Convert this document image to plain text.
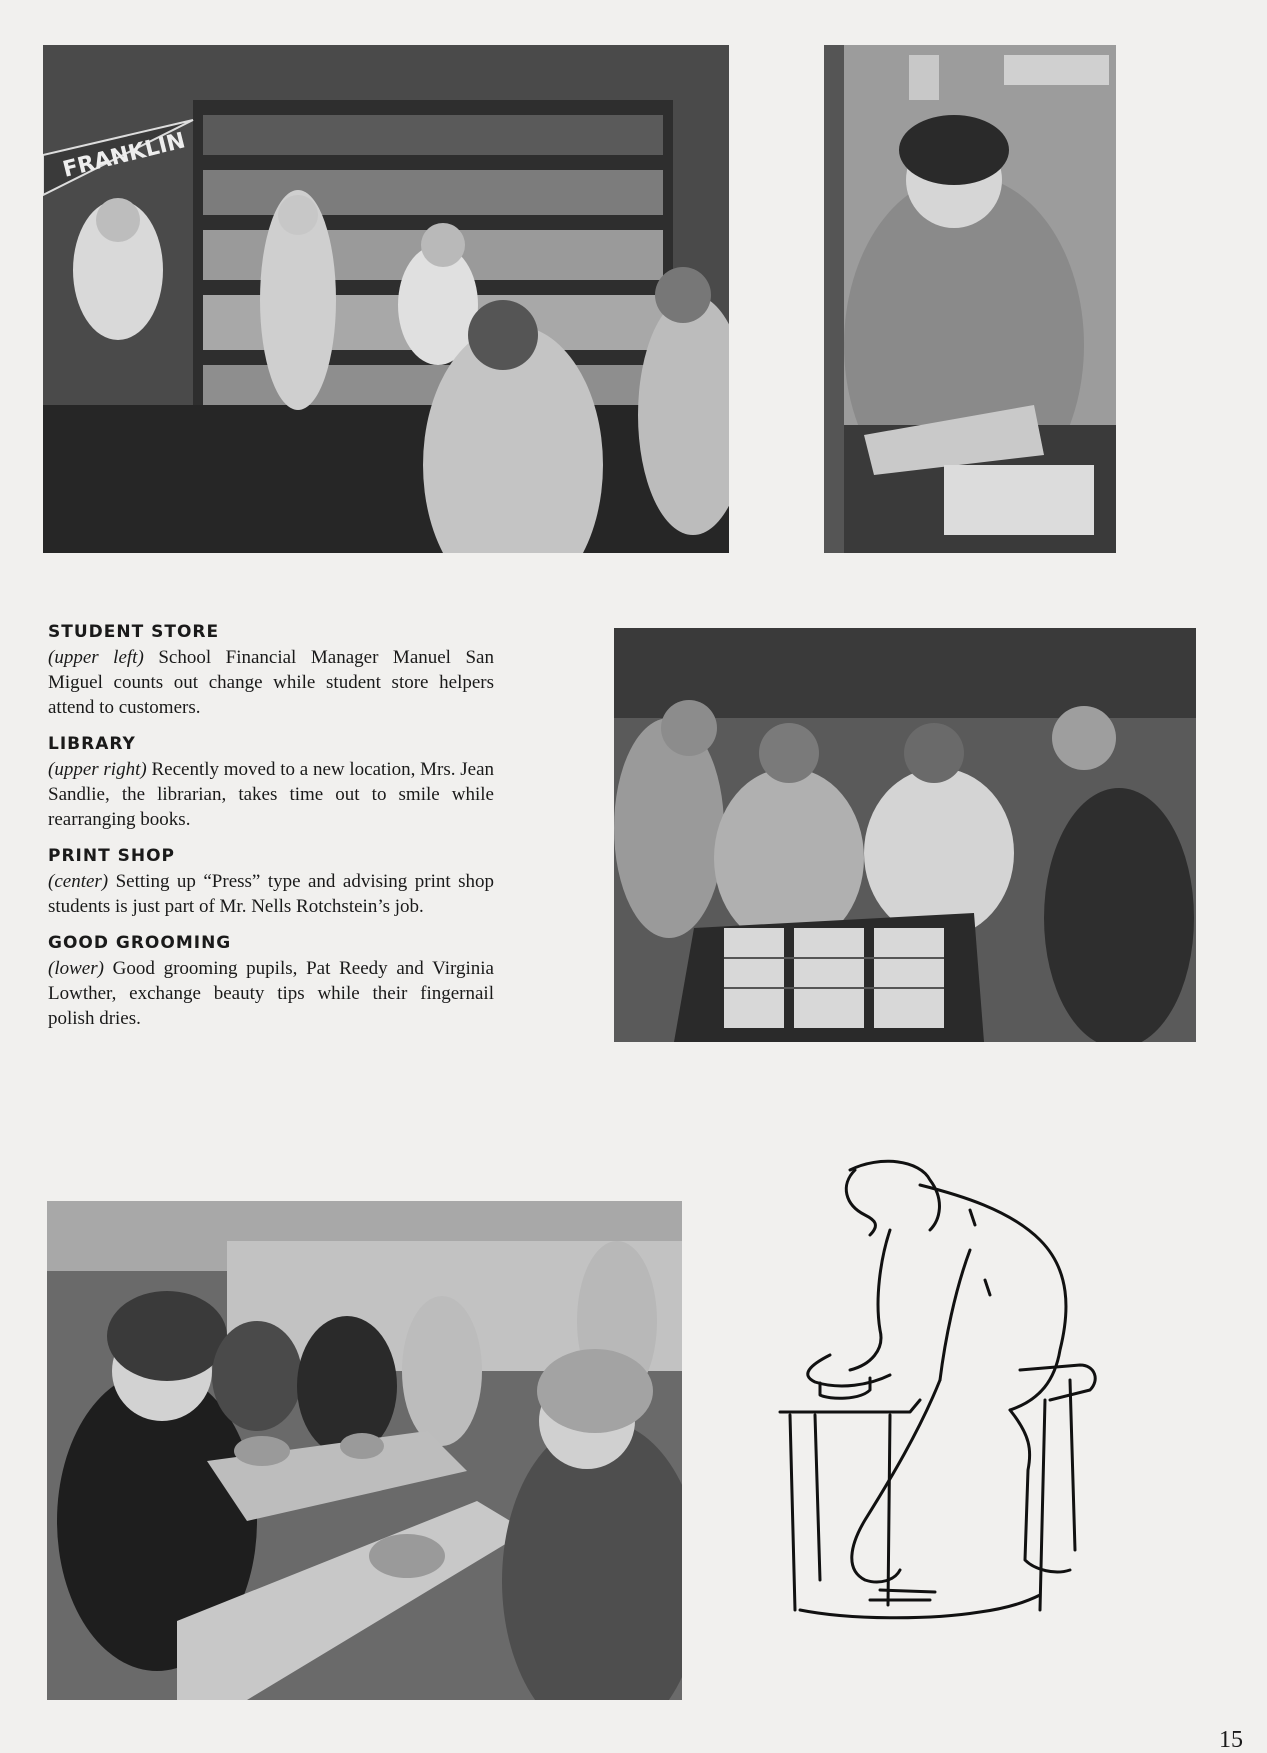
FRANKLIN
STUDENT STORE
(upper left) School Financial Manager Manuel San Miguel counts out change while student store helpers attend to customers.
LIBRARY
(upper right) Recently moved to a new location, Mrs. Jean Sandlie, the librarian, takes time out to smile while rearranging books.
PRINT SHOP
(center) Setting up “Press” type and advising print shop students is just part of Mr. Nells Rotchstein’s job.
GOOD GROOMING
(lower) Good grooming pupils, Pat Reedy and Virginia Lowther, exchange beauty tips while their fingernail polish dries.
15
